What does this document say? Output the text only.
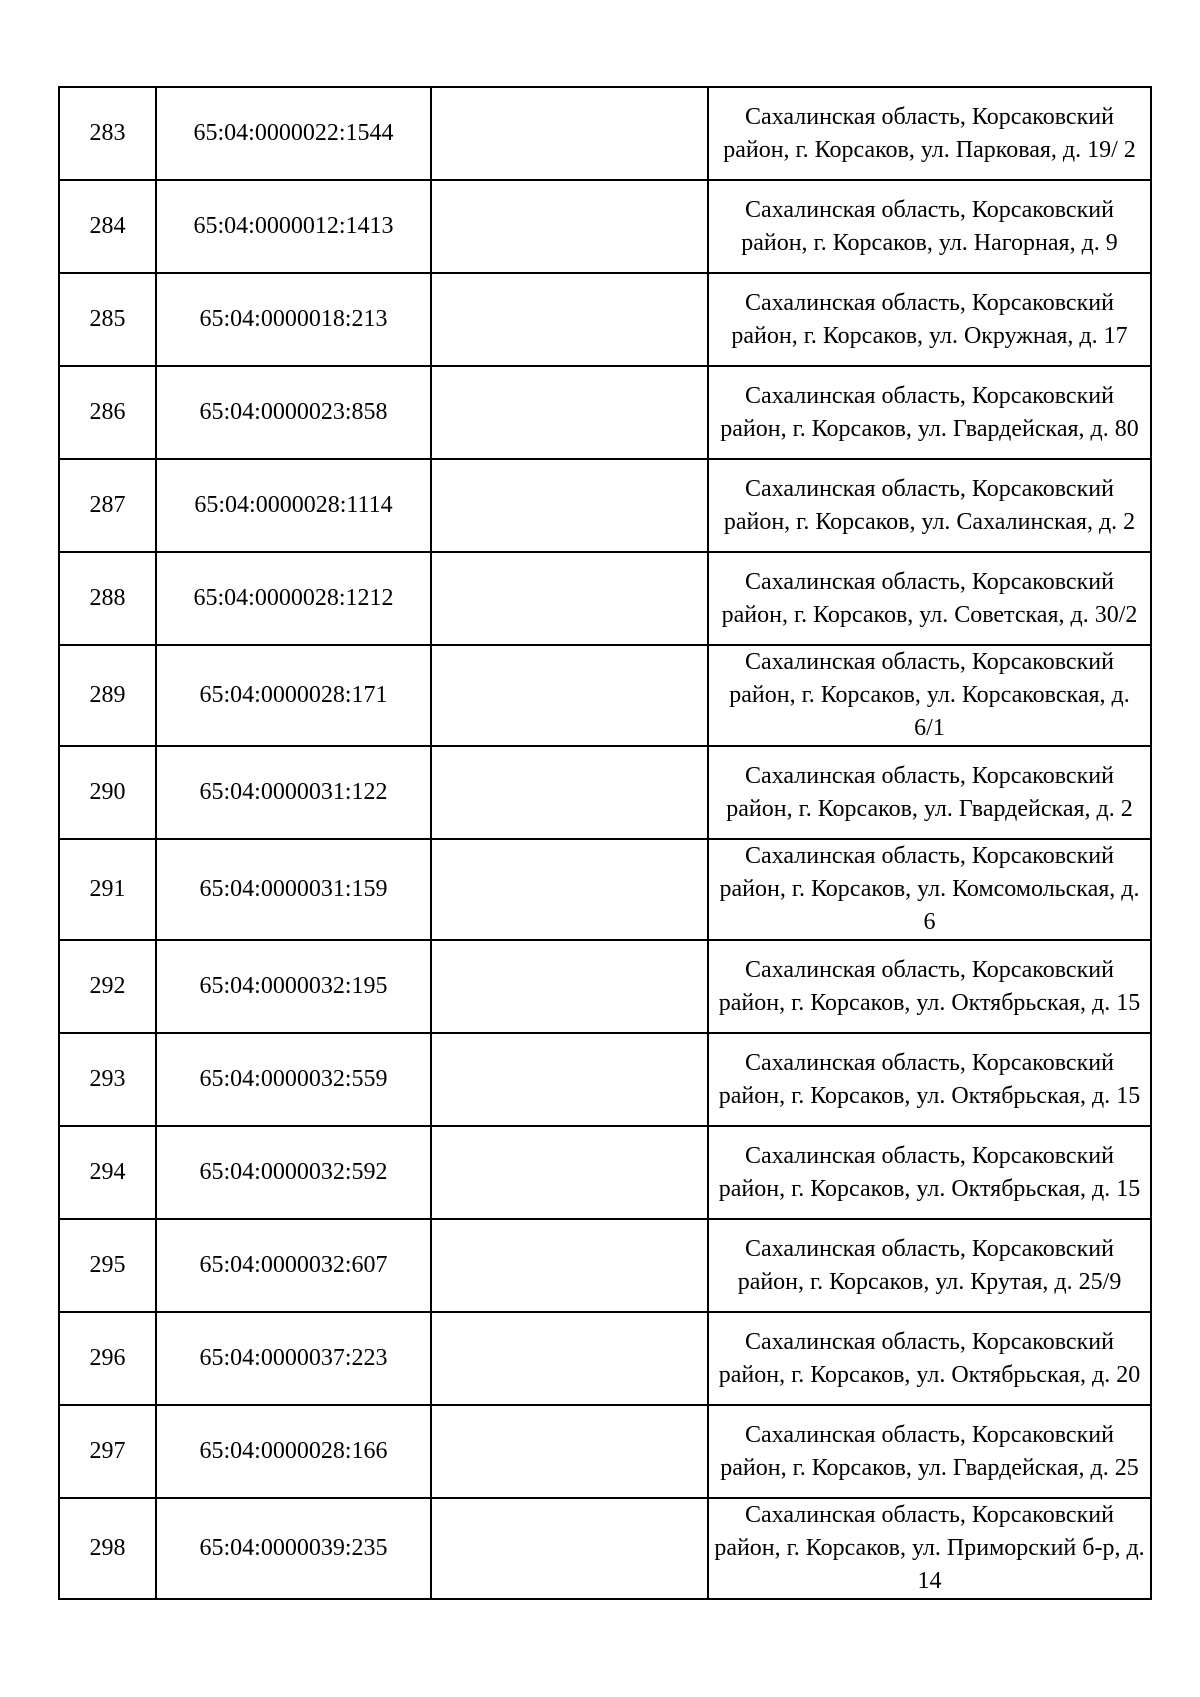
283	65:04:0000022:1544		Сахалинская область, Корсаковский район, г. Корсаков, ул. Парковая, д. 19/ 2
284	65:04:0000012:1413		Сахалинская область, Корсаковский район, г. Корсаков, ул. Нагорная, д. 9
285	65:04:0000018:213		Сахалинская область, Корсаковский район, г. Корсаков, ул. Окружная, д. 17
286	65:04:0000023:858		Сахалинская область, Корсаковский район, г. Корсаков, ул. Гвардейская, д. 80
287	65:04:0000028:1114		Сахалинская область, Корсаковский район, г. Корсаков, ул. Сахалинская, д. 2
288	65:04:0000028:1212		Сахалинская область, Корсаковский район, г. Корсаков, ул. Советская, д. 30/2
289	65:04:0000028:171		Сахалинская область, Корсаковский район, г. Корсаков, ул. Корсаковская, д. 6/1
290	65:04:0000031:122		Сахалинская область, Корсаковский район, г. Корсаков, ул. Гвардейская, д. 2
291	65:04:0000031:159		Сахалинская область, Корсаковский район, г. Корсаков, ул. Комсомольская, д. 6
292	65:04:0000032:195		Сахалинская область, Корсаковский район, г. Корсаков, ул. Октябрьская, д. 15
293	65:04:0000032:559		Сахалинская область, Корсаковский район, г. Корсаков, ул. Октябрьская, д. 15
294	65:04:0000032:592		Сахалинская область, Корсаковский район, г. Корсаков, ул. Октябрьская, д. 15
295	65:04:0000032:607		Сахалинская область, Корсаковский район, г. Корсаков, ул. Крутая, д. 25/9
296	65:04:0000037:223		Сахалинская область, Корсаковский район, г. Корсаков, ул. Октябрьская, д. 20
297	65:04:0000028:166		Сахалинская область, Корсаковский район, г. Корсаков, ул. Гвардейская, д. 25
298	65:04:0000039:235		Сахалинская область, Корсаковский район, г. Корсаков, ул. Приморский б-р, д. 14
